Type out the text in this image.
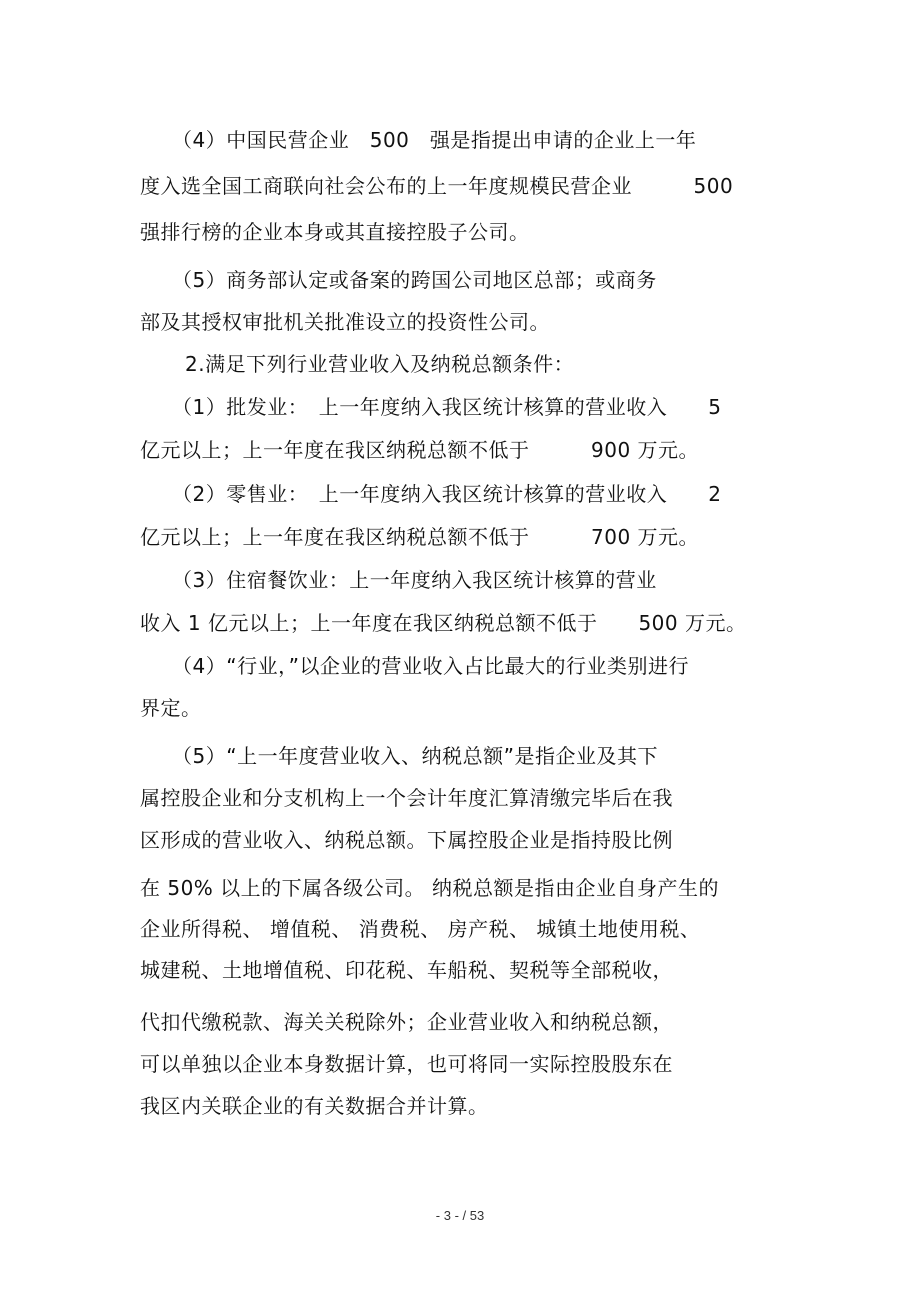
（4）中国民营企业　500　强是指提出申请的企业上一年
度入选全国工商联向社会公布的上一年度规模民营企业　　　500
强排行榜的企业本身或其直接控股子公司。
（5）商务部认定或备案的跨国公司地区总部；或商务
部及其授权审批机关批准设立的投资性公司。
2.满足下列行业营业收入及纳税总额条件：
（1）批发业：　上一年度纳入我区统计核算的营业收入　　5
亿元以上；上一年度在我区纳税总额不低于　　　900 万元。
（2）零售业：　上一年度纳入我区统计核算的营业收入　　2
亿元以上；上一年度在我区纳税总额不低于　　　700 万元。
（3）住宿餐饮业：上一年度纳入我区统计核算的营业
收入 1 亿元以上；上一年度在我区纳税总额不低于　　500 万元。
（4）“行业，”以企业的营业收入占比最大的行业类别进行
界定。
（5）“上一年度营业收入、纳税总额”是指企业及其下
属控股企业和分支机构上一个会计年度汇算清缴完毕后在我
区形成的营业收入、纳税总额。下属控股企业是指持股比例
在 50% 以上的下属各级公司。 纳税总额是指由企业自身产生的
企业所得税、 增值税、 消费税、 房产税、 城镇土地使用税、
城建税、土地增值税、印花税、车船税、契税等全部税收，
代扣代缴税款、海关关税除外；企业营业收入和纳税总额，
可以单独以企业本身数据计算，也可将同一实际控股股东在
我区内关联企业的有关数据合并计算。
- 3 - / 53
